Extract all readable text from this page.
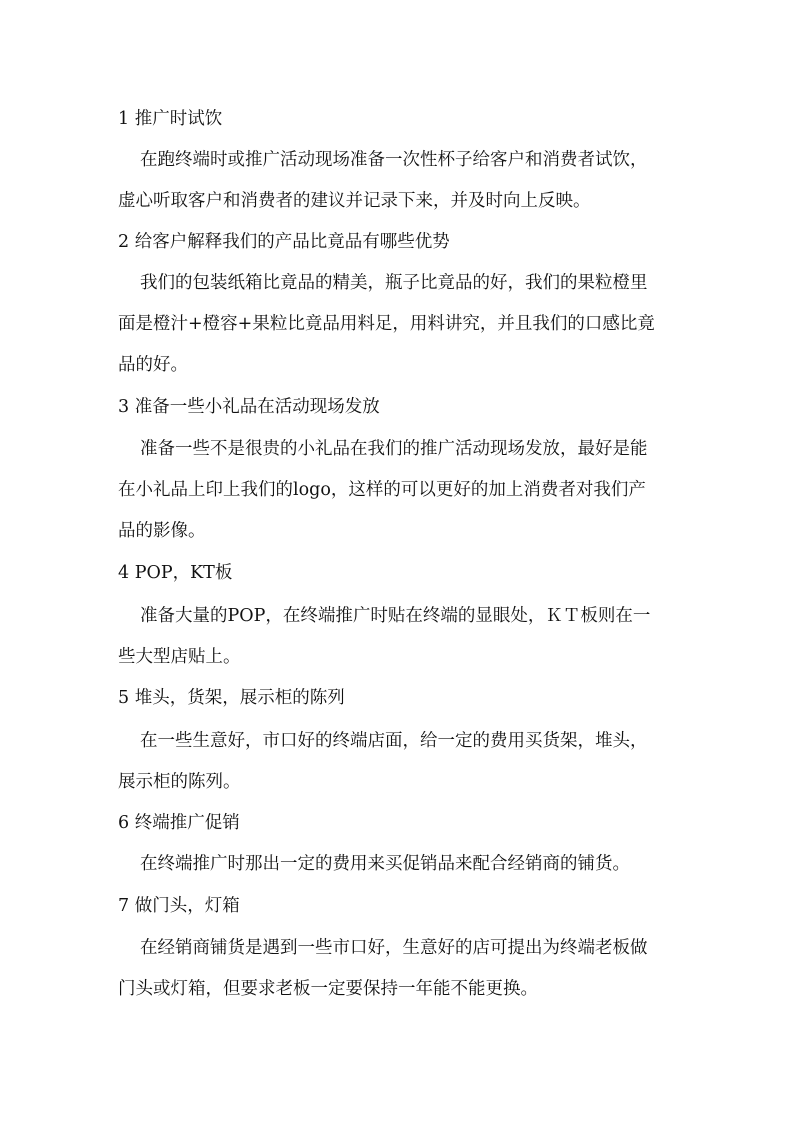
1 推广时试饮
在跑终端时或推广活动现场准备一次性杯子给客户和消费者试饮，
虚心听取客户和消费者的建议并记录下来，并及时向上反映。
2 给客户解释我们的产品比竟品有哪些优势
我们的包装纸箱比竟品的精美，瓶子比竟品的好，我们的果粒橙里
面是橙汁+橙容+果粒比竟品用料足，用料讲究，并且我们的口感比竟
品的好。
3 准备一些小礼品在活动现场发放
准备一些不是很贵的小礼品在我们的推广活动现场发放，最好是能
在小礼品上印上我们的logo，这样的可以更好的加上消费者对我们产
品的影像。
4 POP，KT板
准备大量的POP，在终端推广时贴在终端的显眼处，ＫＴ板则在一
些大型店贴上。
5 堆头，货架，展示柜的陈列
在一些生意好，市口好的终端店面，给一定的费用买货架，堆头，
展示柜的陈列。
6 终端推广促销
在终端推广时那出一定的费用来买促销品来配合经销商的铺货。
7 做门头，灯箱
在经销商铺货是遇到一些市口好，生意好的店可提出为终端老板做
门头或灯箱，但要求老板一定要保持一年能不能更换。
